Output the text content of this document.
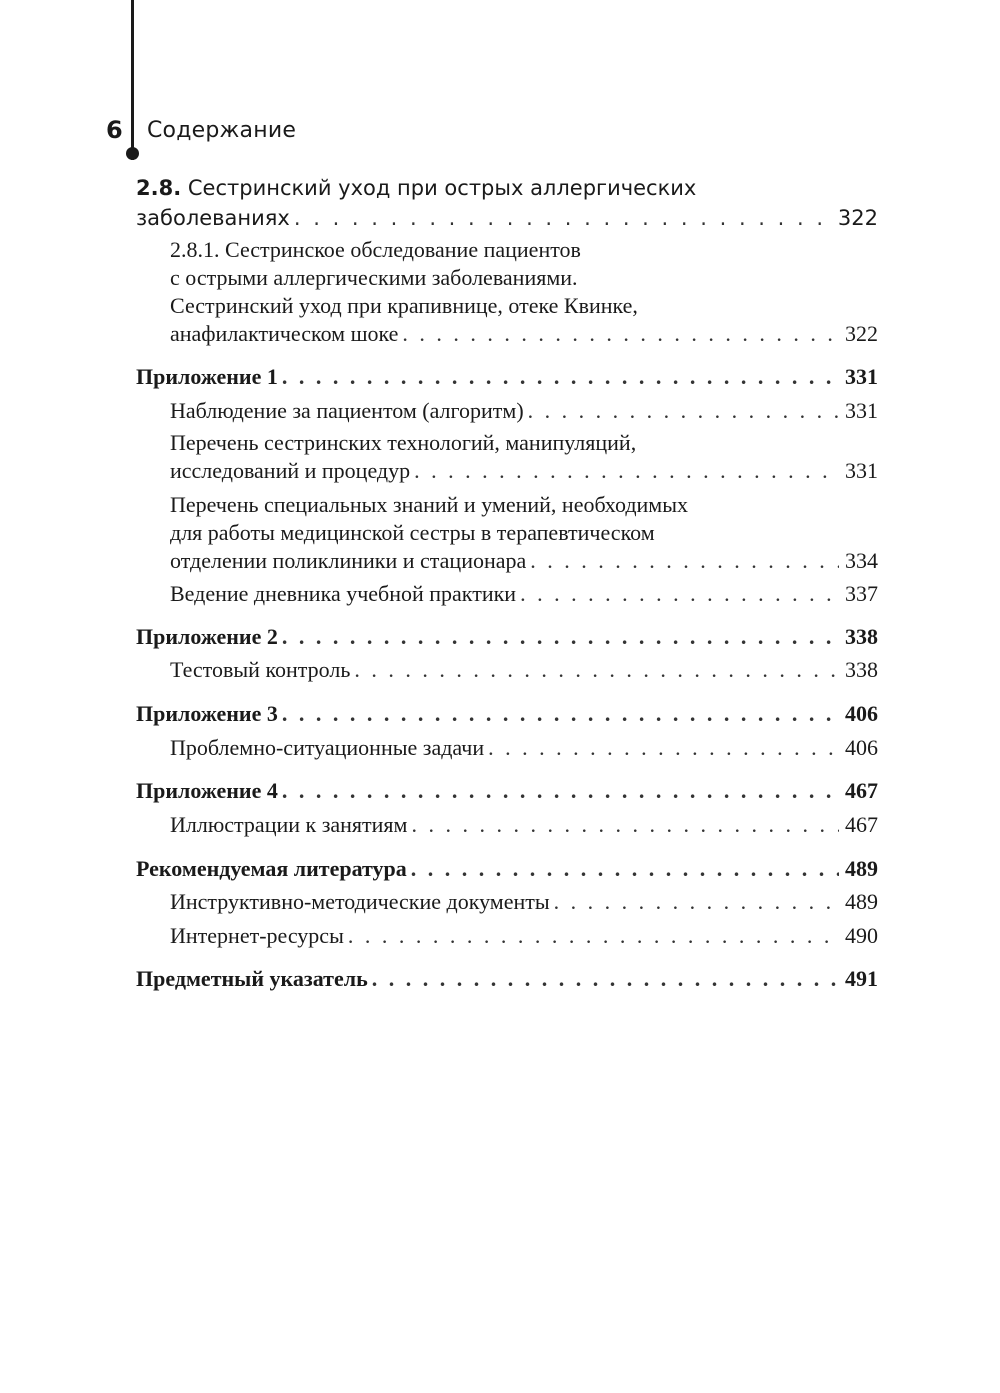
6 Содержание
2.8. Сестринский уход при острых аллергических
заболеваниях . . .	322
2.8.1. Сестринское обследование пациентов
с острыми аллергическими заболеваниями.
Сестринский уход при крапивнице, отеке Квинке,
анафилактическом шоке . . .	322
Приложение 1 . . .	331
Наблюдение за пациентом (алгоритм) . . .	331
Перечень сестринских технологий, манипуляций,
исследований и процедур . . .	331
Перечень специальных знаний и умений, необходимых
для работы медицинской сестры в терапевтическом
отделении поликлиники и стационара . . .	334
Ведение дневника учебной практики . . .	337
Приложение 2 . . .	338
Тестовый контроль . . .	338
Приложение 3 . . .	406
Проблемно-ситуационные задачи . . .	406
Приложение 4 . . .	467
Иллюстрации к занятиям . . .	467
Рекомендуемая литература . . .	489
Инструктивно-методические документы . . .	489
Интернет-ресурсы . . .	490
Предметный указатель . . .	491
